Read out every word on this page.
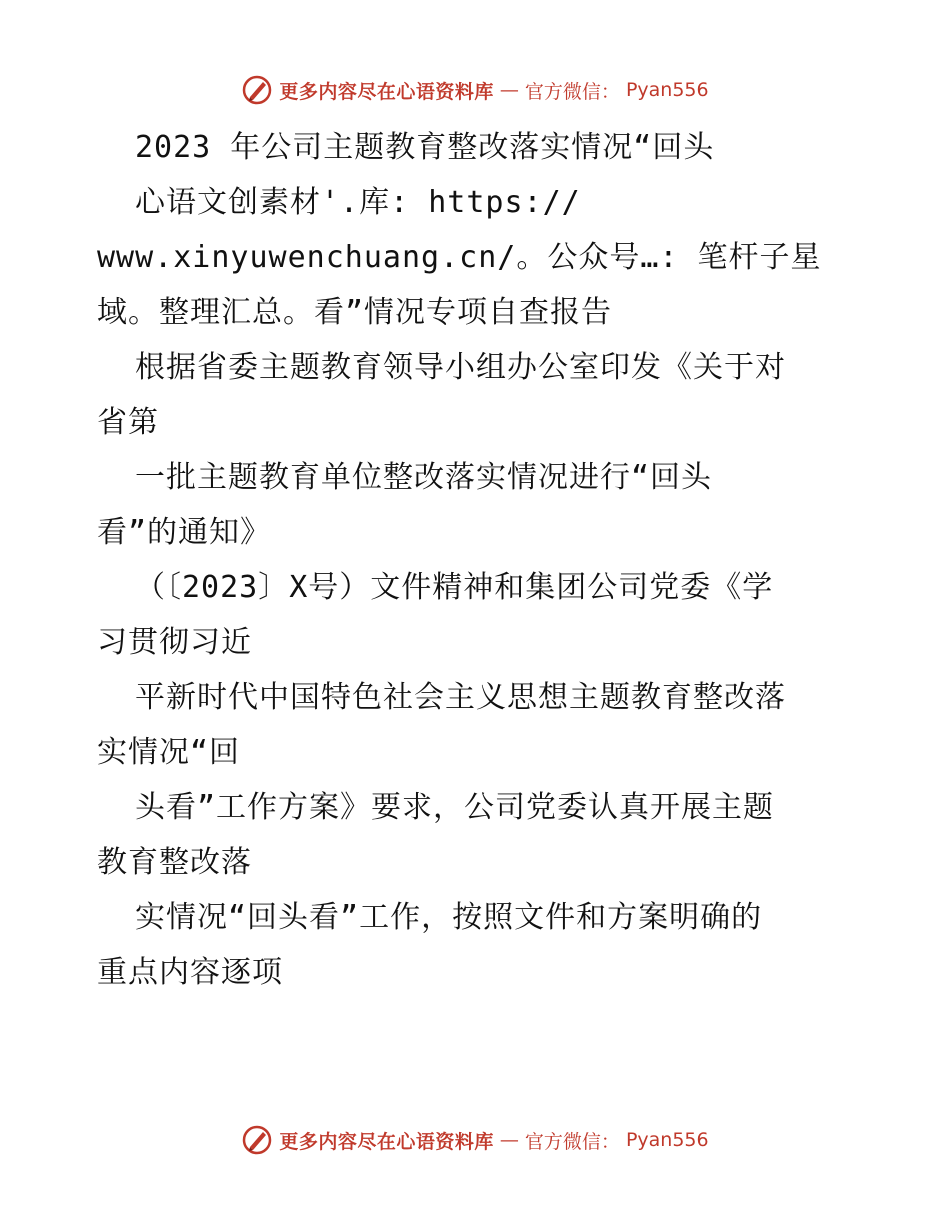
更多内容尽在心语资料库 — 官方微信： Pyan556
2023 年公司主题教育整改落实情况“回头
心语文创素材'.库: https://
www.xinyuwenchuang.cn/。公众号…: 笔杆子星
域。整理汇总。看”情况专项自查报告
根据省委主题教育领导小组办公室印发《关于对
省第
一批主题教育单位整改落实情况进行“回头
看”的通知》
（〔2023〕X号）文件精神和集团公司党委《学
习贯彻习近
平新时代中国特色社会主义思想主题教育整改落
实情况“回
头看”工作方案》要求，公司党委认真开展主题
教育整改落
实情况“回头看”工作，按照文件和方案明确的
重点内容逐项
更多内容尽在心语资料库 — 官方微信： Pyan556
